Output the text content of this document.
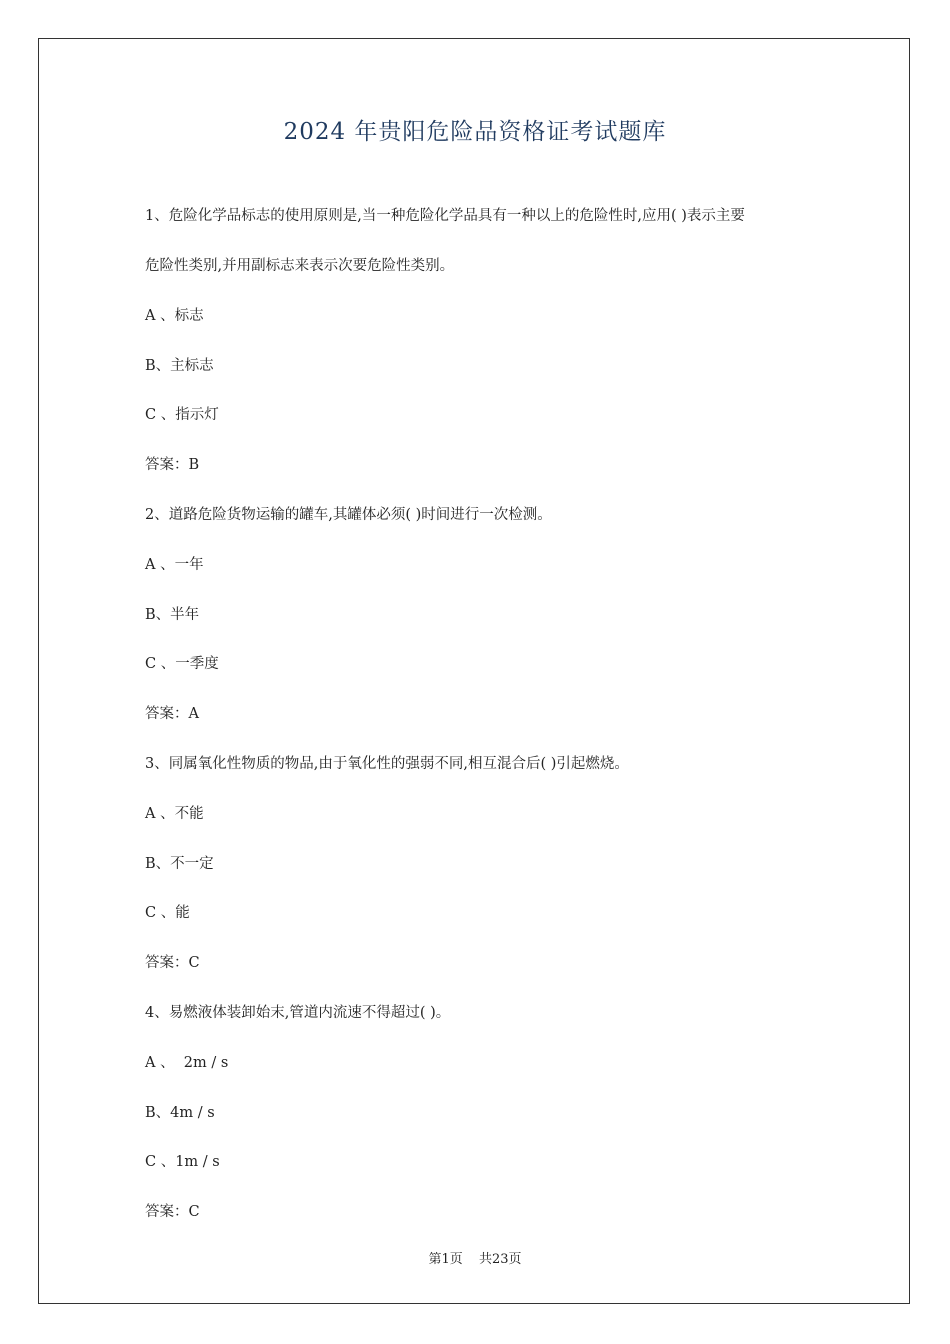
2024 年贵阳危险品资格证考试题库
1、危险化学品标志的使用原则是,当一种危险化学品具有一种以上的危险性时,应用( )表示主要
危险性类别,并用副标志来表示次要危险性类别。
A 、标志
B、主标志
C 、指示灯
答案：B
2、道路危险货物运输的罐车,其罐体必须( )时间进行一次检测。
A 、一年
B、半年
C 、一季度
答案：A
3、同属氧化性物质的物品,由于氧化性的强弱不同,相互混合后( )引起燃烧。
A 、不能
B、不一定
C 、能
答案：C
4、易燃液体装卸始末,管道内流速不得超过( )。
A 、  2m / s
B、4m / s
C 、1m / s
答案：C
第1页 共23页
